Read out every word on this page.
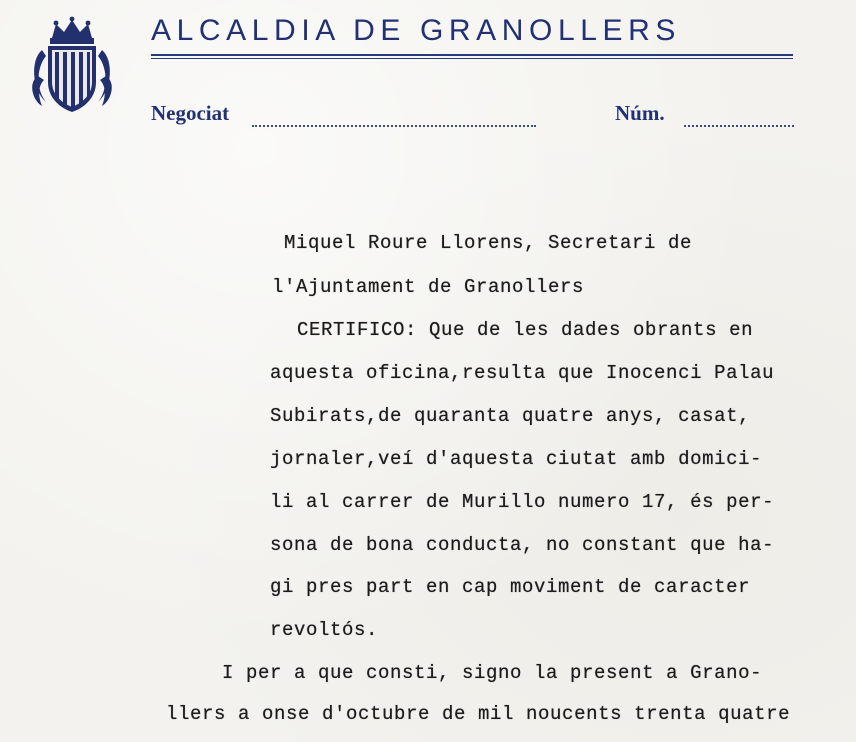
ALCALDIA DE GRANOLLERS
Negociat	Núm.
Miquel Roure Llorens, Secretari de
l'Ajuntament de Granollers
CERTIFICO: Que de les dades obrants en
aquesta oficina,resulta que Inocenci Palau
Subirats,de quaranta quatre anys, casat,
jornaler,veí d'aquesta ciutat amb domici-
li al carrer de Murillo numero 17, és per-
sona de bona conducta, no constant que ha-
gi pres part en cap moviment de caracter
revoltós.
I per a que consti, signo la present a Grano-
llers a onse d'octubre de mil noucents trenta quatre
